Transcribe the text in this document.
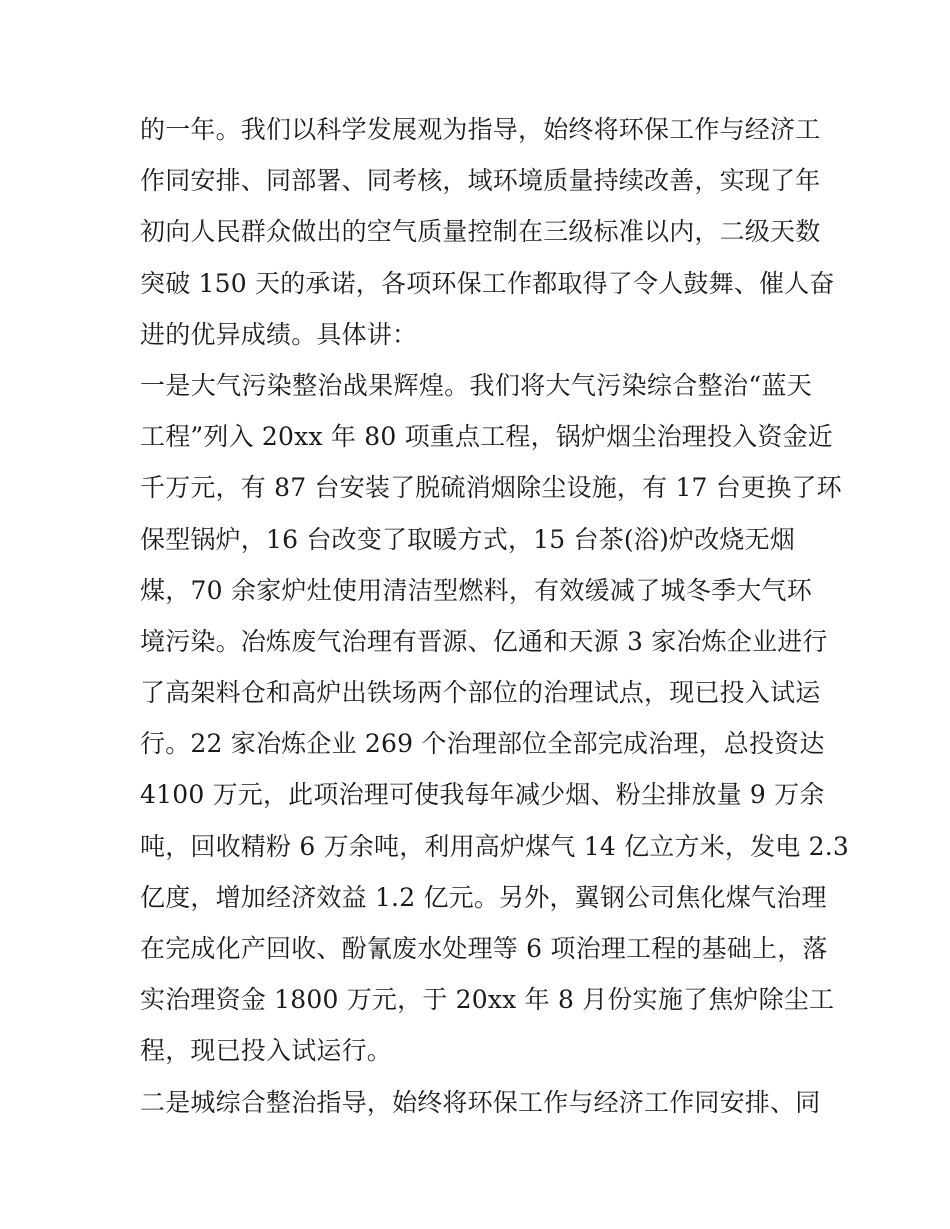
的一年。我们以科学发展观为指导，始终将环保工作与经济工
作同安排、同部署、同考核，域环境质量持续改善，实现了年
初向人民群众做出的空气质量控制在三级标准以内，二级天数
突破 150 天的承诺，各项环保工作都取得了令人鼓舞、催人奋
进的优异成绩。具体讲：
一是大气污染整治战果辉煌。我们将大气污染综合整治“蓝天
工程”列入 20xx 年 80 项重点工程，锅炉烟尘治理投入资金近
千万元，有 87 台安装了脱硫消烟除尘设施，有 17 台更换了环
保型锅炉，16 台改变了取暖方式，15 台茶(浴)炉改烧无烟
煤，70 余家炉灶使用清洁型燃料，有效缓减了城冬季大气环
境污染。冶炼废气治理有晋源、亿通和天源 3 家冶炼企业进行
了高架料仓和高炉出铁场两个部位的治理试点，现已投入试运
行。22 家冶炼企业 269 个治理部位全部完成治理，总投资达
4100 万元，此项治理可使我每年减少烟、粉尘排放量 9 万余
吨，回收精粉 6 万余吨，利用高炉煤气 14 亿立方米，发电 2.3
亿度，增加经济效益 1.2 亿元。另外，翼钢公司焦化煤气治理
在完成化产回收、酚氰废水处理等 6 项治理工程的基础上，落
实治理资金 1800 万元，于 20xx 年 8 月份实施了焦炉除尘工
程，现已投入试运行。
二是城综合整治指导，始终将环保工作与经济工作同安排、同
